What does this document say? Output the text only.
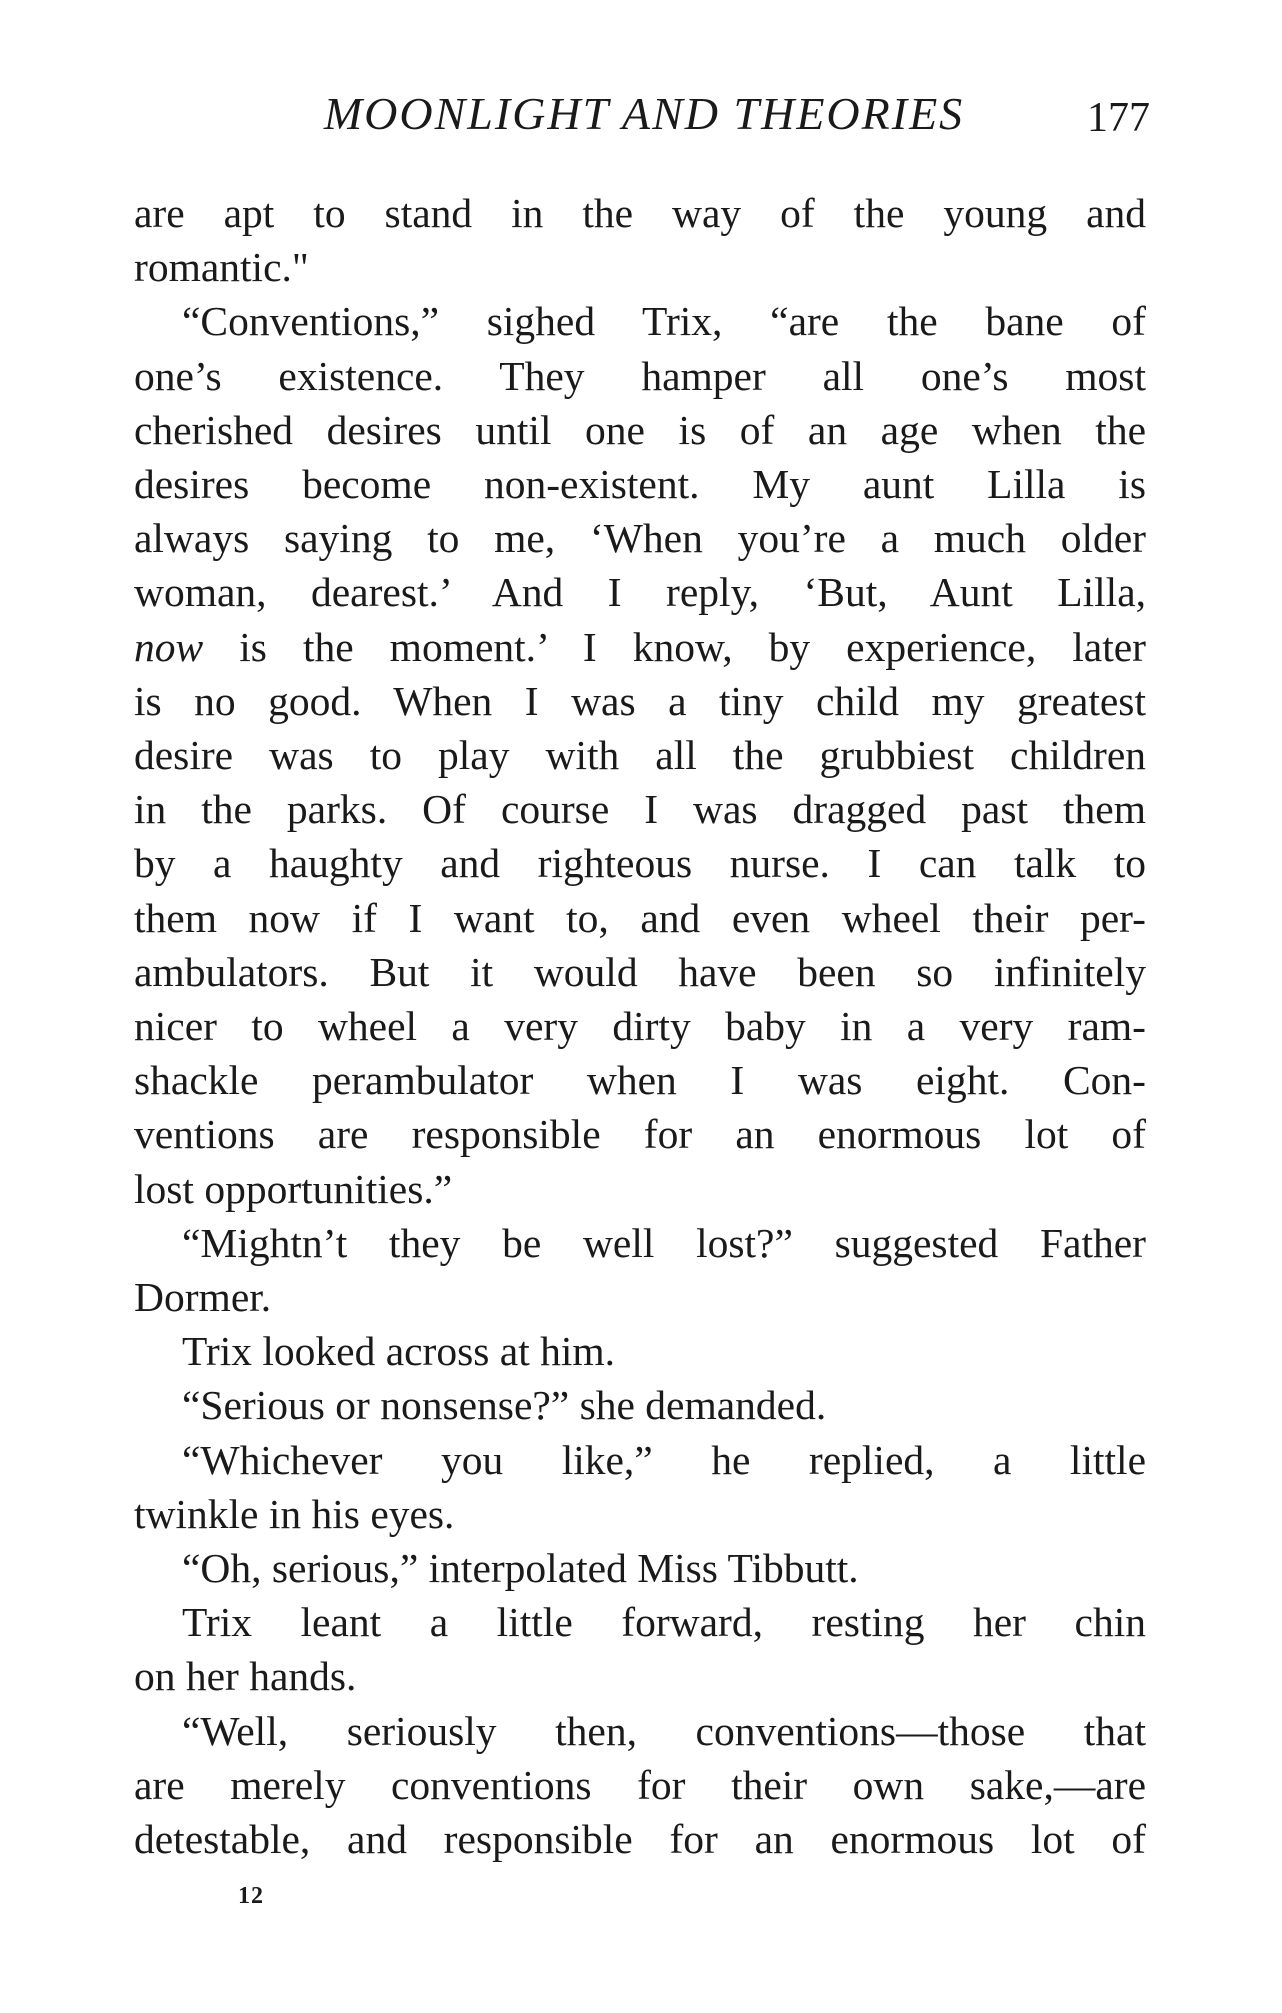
MOONLIGHT AND THEORIES	177
are apt to stand in the way of the young and
romantic."
“Conventions,” sighed Trix, “are the bane of
one’s existence. They hamper all one’s most
cherished desires until one is of an age when the
desires become non-existent. My aunt Lilla is
always saying to me, ‘When you’re a much older
woman, dearest.’ And I reply, ‘But, Aunt Lilla,
now is the moment.’ I know, by experience, later
is no good. When I was a tiny child my greatest
desire was to play with all the grubbiest children
in the parks. Of course I was dragged past them
by a haughty and righteous nurse. I can talk to
them now if I want to, and even wheel their per-
ambulators. But it would have been so infinitely
nicer to wheel a very dirty baby in a very ram-
shackle perambulator when I was eight. Con-
ventions are responsible for an enormous lot of
lost opportunities.”
“Mightn’t they be well lost?” suggested Father
Dormer.
Trix looked across at him.
“Serious or nonsense?” she demanded.
“Whichever you like,” he replied, a little
twinkle in his eyes.
“Oh, serious,” interpolated Miss Tibbutt.
Trix leant a little forward, resting her chin
on her hands.
“Well, seriously then, conventions—those that
are merely conventions for their own sake,—are
detestable, and responsible for an enormous lot of
12
